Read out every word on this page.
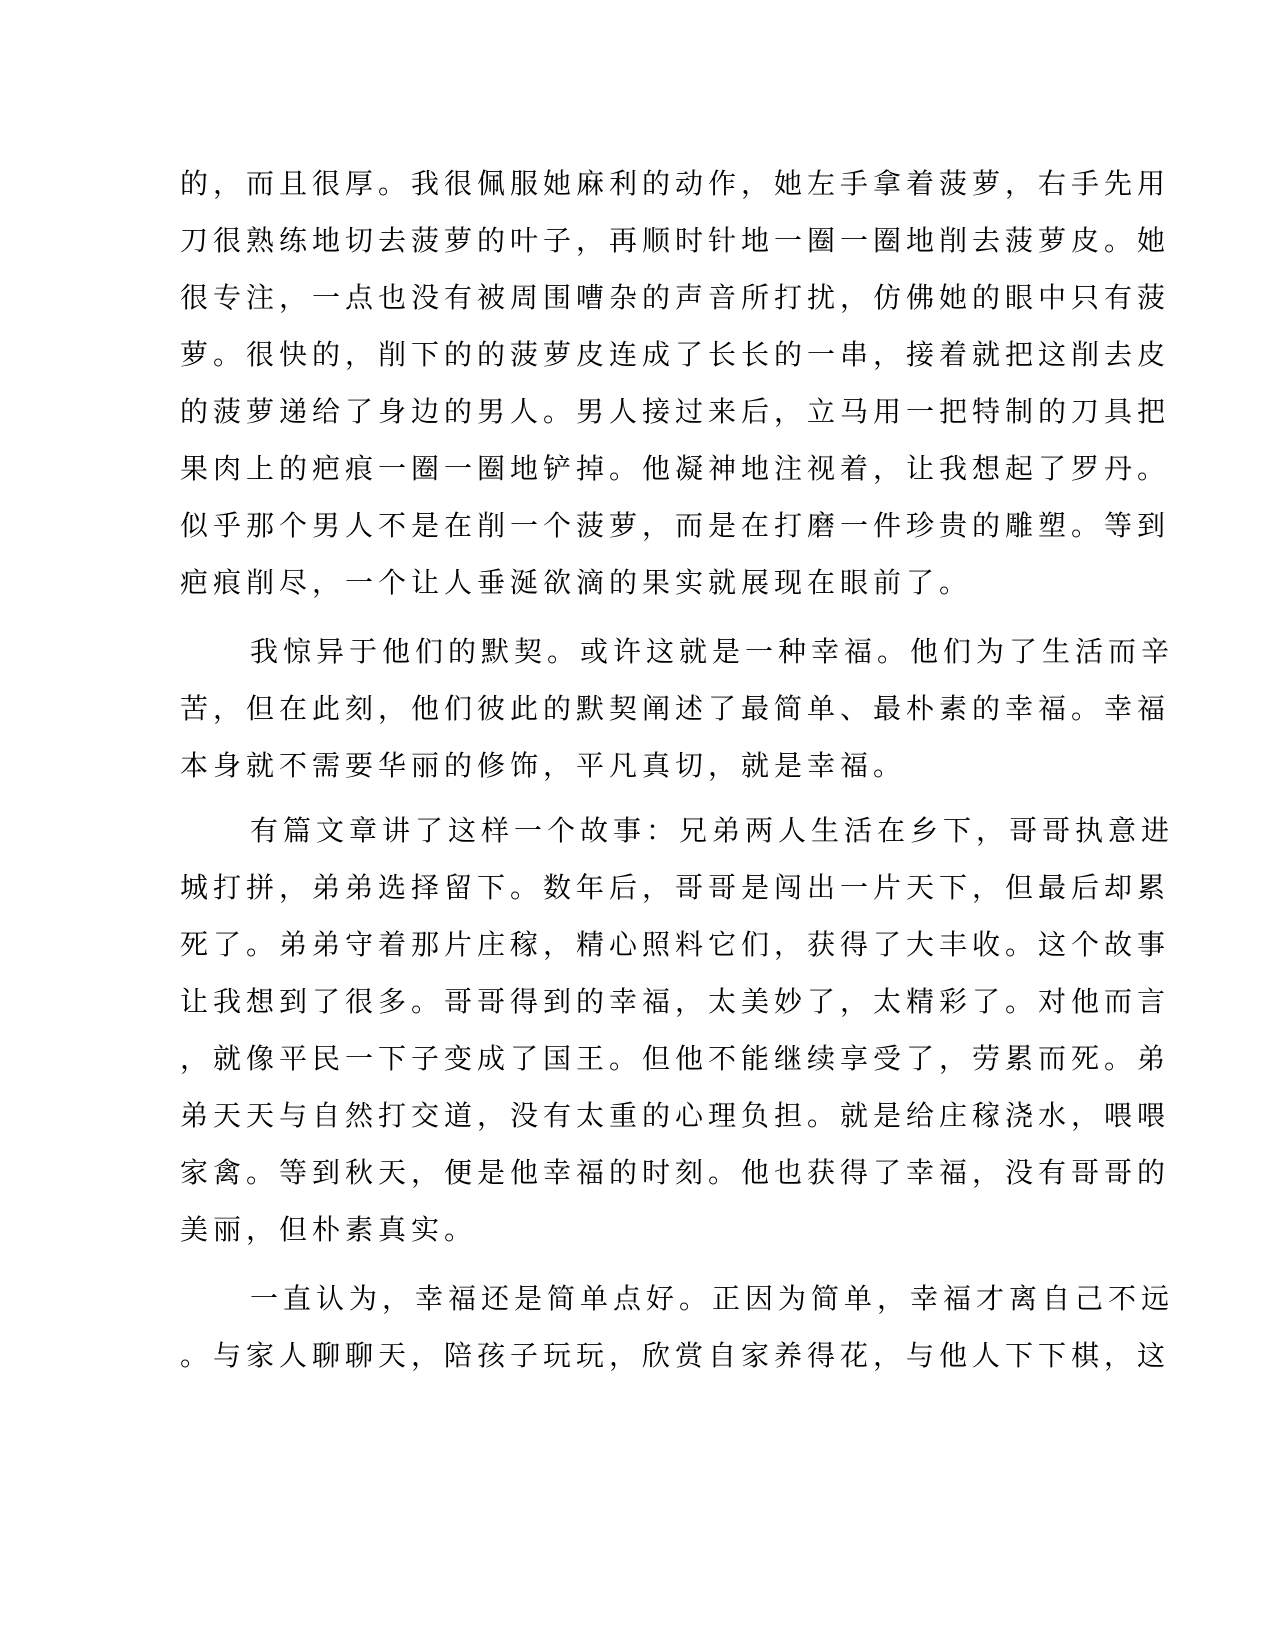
的，而且很厚。我很佩服她麻利的动作，她左手拿着菠萝，右手先用
刀很熟练地切去菠萝的叶子，再顺时针地一圈一圈地削去菠萝皮。她
很专注，一点也没有被周围嘈杂的声音所打扰，仿佛她的眼中只有菠
萝。很快的，削下的的菠萝皮连成了长长的一串，接着就把这削去皮
的菠萝递给了身边的男人。男人接过来后，立马用一把特制的刀具把
果肉上的疤痕一圈一圈地铲掉。他凝神地注视着，让我想起了罗丹。
似乎那个男人不是在削一个菠萝，而是在打磨一件珍贵的雕塑。等到
疤痕削尽，一个让人垂涎欲滴的果实就展现在眼前了。
我惊异于他们的默契。或许这就是一种幸福。他们为了生活而辛
苦，但在此刻，他们彼此的默契阐述了最简单、最朴素的幸福。幸福
本身就不需要华丽的修饰，平凡真切，就是幸福。
有篇文章讲了这样一个故事：兄弟两人生活在乡下，哥哥执意进
城打拼，弟弟选择留下。数年后，哥哥是闯出一片天下，但最后却累
死了。弟弟守着那片庄稼，精心照料它们，获得了大丰收。这个故事
让我想到了很多。哥哥得到的幸福，太美妙了，太精彩了。对他而言
，就像平民一下子变成了国王。但他不能继续享受了，劳累而死。弟
弟天天与自然打交道，没有太重的心理负担。就是给庄稼浇水，喂喂
家禽。等到秋天，便是他幸福的时刻。他也获得了幸福，没有哥哥的
美丽，但朴素真实。
一直认为，幸福还是简单点好。正因为简单，幸福才离自己不远
。与家人聊聊天，陪孩子玩玩，欣赏自家养得花，与他人下下棋，这
